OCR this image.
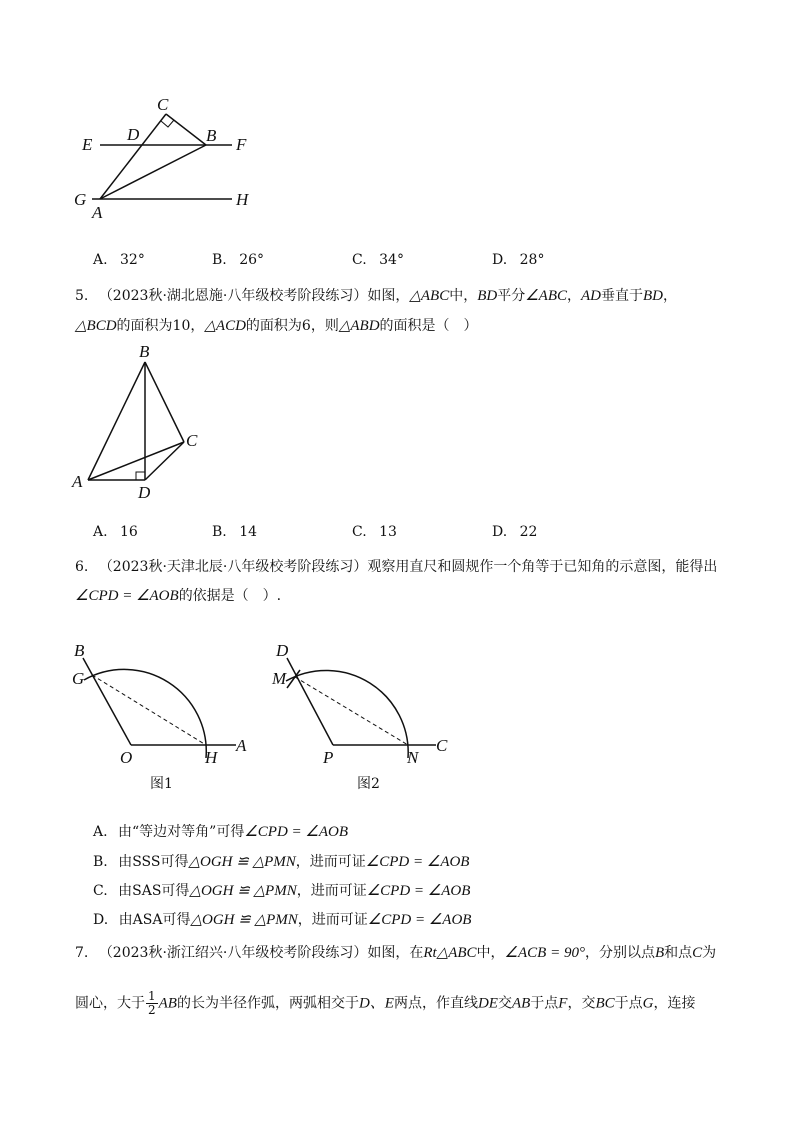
C
D	B
E	F
G
A
H
A. 32°	B. 26°	C. 34°	D. 28°
5. （2023秋·湖北恩施·八年级校考阶段练习）如图，△ABC中，BD平分∠ABC，AD垂直于BD，
△BCD的面积为10，△ACD的面积为6，则△ABD的面积是（　）
B
C
A
D
A. 16	B. 14	C. 13	D. 22
6. （2023秋·天津北辰·八年级校考阶段练习）观察用直尺和圆规作一个角等于已知角的示意图，能得出
∠CPD = ∠AOB的依据是（　）.
B
G
O	H
A
图1
D
M
P	N
C
图2
A. 由“等边对等角”可得∠CPD = ∠AOB
B. 由SSS可得△OGH ≌ △PMN，进而可证∠CPD = ∠AOB
C. 由SAS可得△OGH ≌ △PMN，进而可证∠CPD = ∠AOB
D. 由ASA可得△OGH ≌ △PMN，进而可证∠CPD = ∠AOB
7. （2023秋·浙江绍兴·八年级校考阶段练习）如图，在Rt△ABC中，∠ACB = 90°，分别以点B和点C为
圆心，大于 $\frac{1}{2}$ AB的长为半径作弧，两弧相交于D、E两点，作直线DE交AB于点F，交BC于点G，连接
